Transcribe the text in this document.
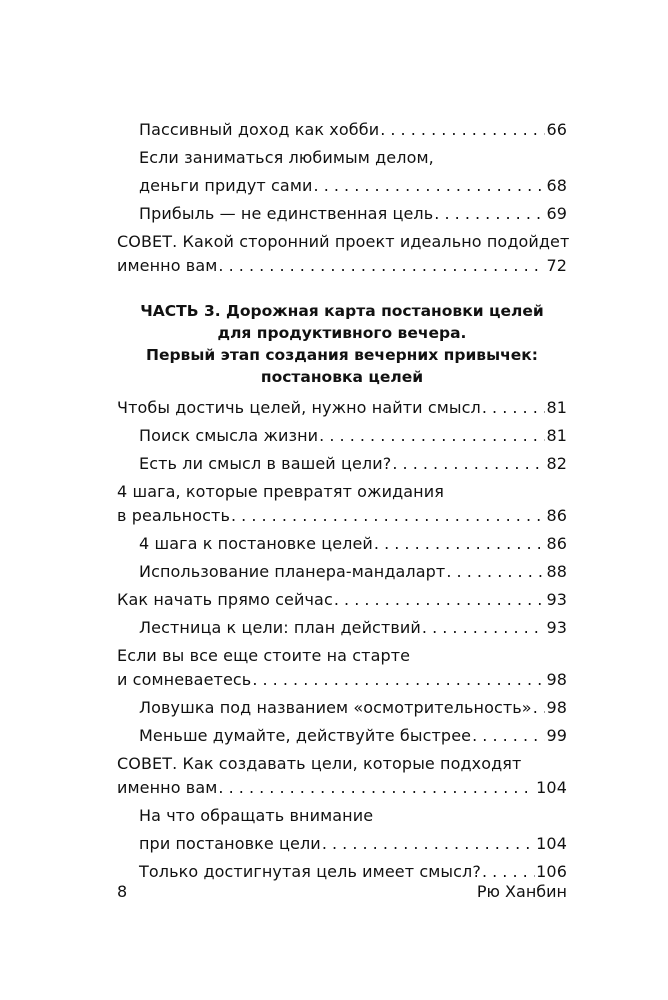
Пассивный доход как хобби . . .	66
Если заниматься любимым делом,
деньги придут сами . . .	68
Прибыль — не единственная цель . . .	69
СОВЕТ. Какой сторонний проект идеально подойдет
именно вам . . .	72
ЧАСТЬ 3. Дорожная карта постановки целей
для продуктивного вечера.
Первый этап создания вечерних привычек:
постановка целей
Чтобы достичь целей, нужно найти смысл . . .	81
Поиск смысла жизни . . .	81
Есть ли смысл в вашей цели? . . .	82
4 шага, которые превратят ожидания
в реальность . . .	86
4 шага к постановке целей . . .	86
Использование планера-мандаларт . . .	88
Как начать прямо сейчас . . .	93
Лестница к цели: план действий . . .	93
Если вы все еще стоите на старте
и сомневаетесь . . .	98
Ловушка под названием «осмотрительность» . . . 98
Меньше думайте, действуйте быстрее . . .	99
СОВЕТ. Как создавать цели, которые подходят
именно вам . . .	104
На что обращать внимание
при постановке цели . . .	104
Только достигнутая цель имеет смысл? . . .	106
8	Рю Ханбин
